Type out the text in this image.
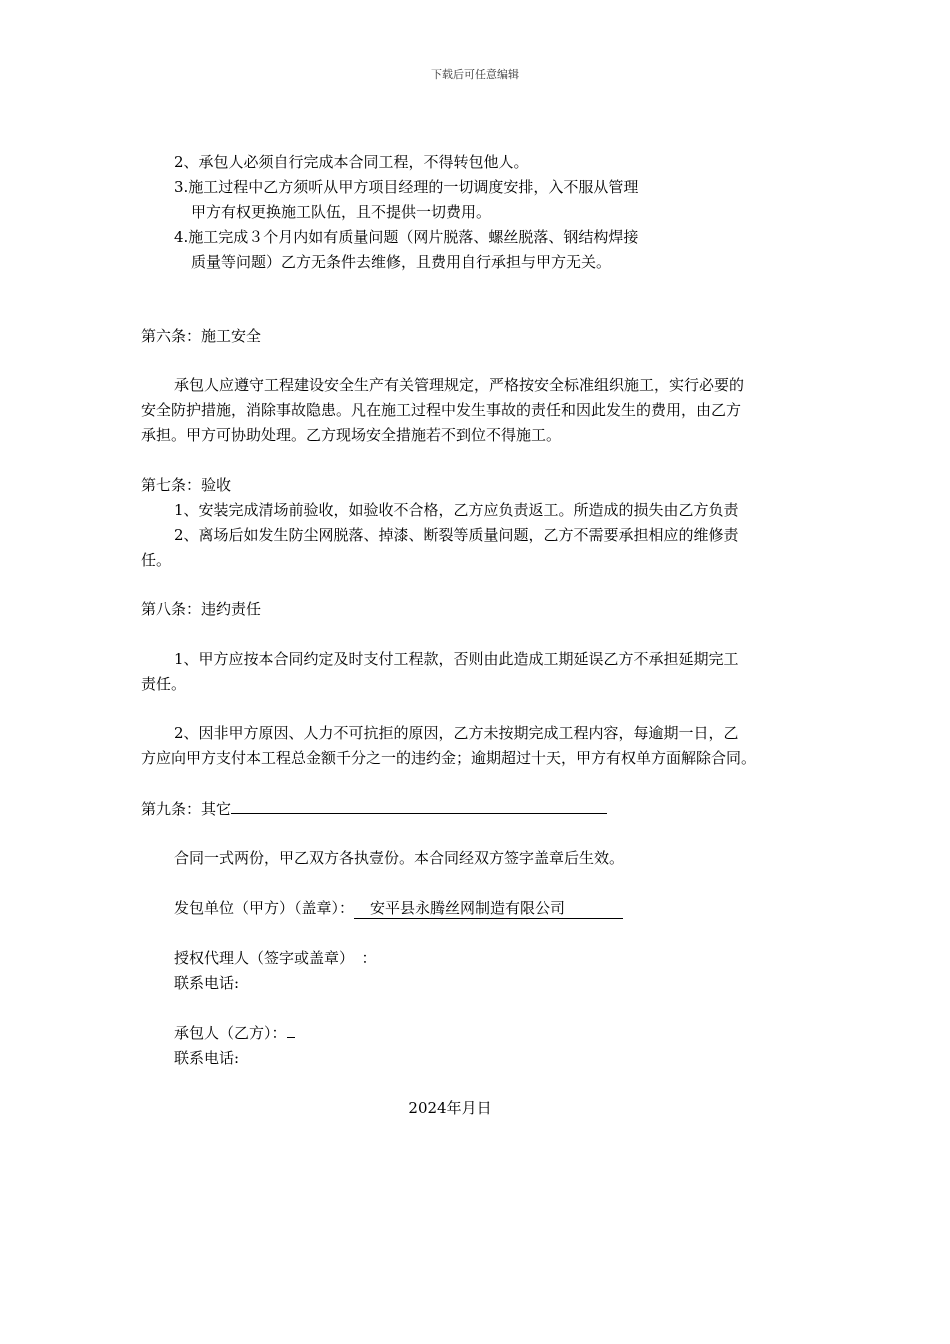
下载后可任意编辑
2、承包人必须自行完成本合同工程，不得转包他人。
3.施工过程中乙方须听从甲方项目经理的一切调度安排，入不服从管理
甲方有权更换施工队伍，且不提供一切费用。
4.施工完成３个月内如有质量问题（网片脱落、螺丝脱落、钢结构焊接
质量等问题）乙方无条件去维修，且费用自行承担与甲方无关。
第六条：施工安全
承包人应遵守工程建设安全生产有关管理规定，严格按安全标准组织施工，实行必要的
安全防护措施，消除事故隐患。凡在施工过程中发生事故的责任和因此发生的费用，由乙方
承担。甲方可协助处理。乙方现场安全措施若不到位不得施工。
第七条：验收
1、安装完成清场前验收，如验收不合格，乙方应负责返工。所造成的损失由乙方负责
2、离场后如发生防尘网脱落、掉漆、断裂等质量问题，乙方不需要承担相应的维修责
任。
第八条：违约责任
1、甲方应按本合同约定及时支付工程款，否则由此造成工期延误乙方不承担延期完工
责任。
2、因非甲方原因、人力不可抗拒的原因，乙方未按期完成工程内容，每逾期一日，乙
方应向甲方支付本工程总金额千分之一的违约金；逾期超过十天，甲方有权单方面解除合同。
第九条：其它
合同一式两份，甲乙双方各执壹份。本合同经双方签字盖章后生效。
发包单位（甲方）（盖章）： 安平县永腾丝网制造有限公司
授权代理人（签字或盖章）　：
联系电话:
承包人（乙方）：
联系电话:
2024年月日
